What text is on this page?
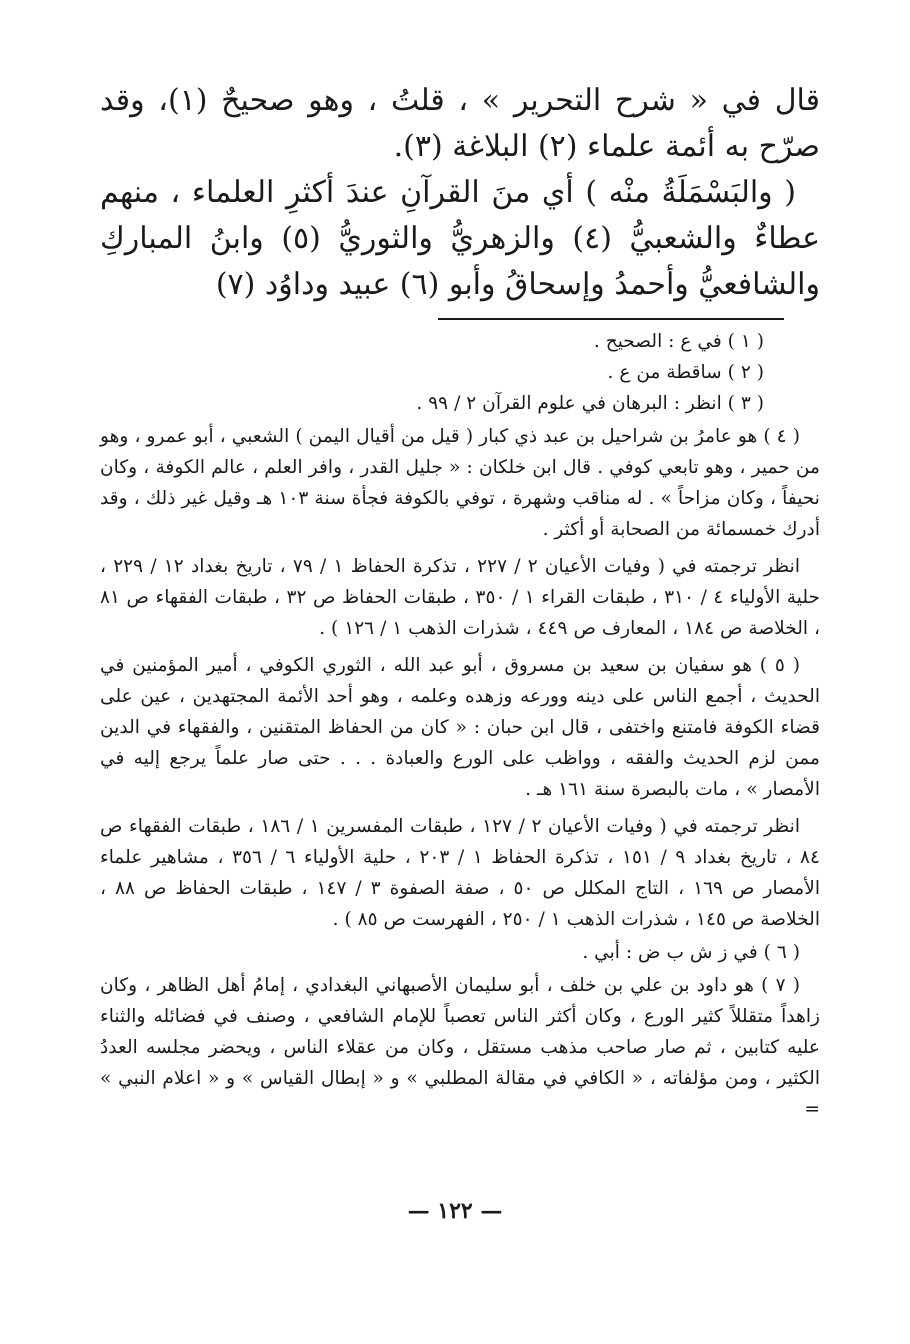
قال في « شرح التحرير » ، قلتُ ، وهو صحيحٌ (١)، وقد صرّح به أئمة علماء (٢) البلاغة (٣).

( والبَسْمَلَةُ منْه ) أي منَ القرآنِ عندَ أكثرِ العلماء ، منهم عطاءٌ والشعبيُّ (٤) والزهريُّ والثوريُّ (٥) وابنُ المباركِ والشافعيُّ وأحمدُ وإسحاقُ وأبو (٦) عبيد وداوُد (٧)

( ١ ) في ع : الصحيح .

( ٢ ) ساقطة من ع .

( ٣ ) انظر : البرهان في علوم القرآن ٢ / ٩٩ .

( ٤ ) هو عامرُ بن شراحيل بن عبد ذي كبار ( قيل من أقيال اليمن ) الشعبي ، أبو عمرو ، وهو من حمير ، وهو تابعي كوفي . قال ابن خلكان : « جليل القدر ، وافر العلم ، عالم الكوفة ، وكان نحيفاً ، وكان مزاحاً » . له مناقب وشهرة ، توفي بالكوفة فجأة سنة ١٠٣ هـ وقيل غير ذلك ، وقد أدرك خمسمائة من الصحابة أو أكثر .

انظر ترجمته في ( وفيات الأعيان ٢ / ٢٢٧ ، تذكرة الحفاظ ١ / ٧٩ ، تاريخ بغداد ١٢ / ٢٢٩ ، حلية الأولياء ٤ / ٣١٠ ، طبقات القراء ١ / ٣٥٠ ، طبقات الحفاظ ص ٣٢ ، طبقات الفقهاء ص ٨١ ، الخلاصة ص ١٨٤ ، المعارف ص ٤٤٩ ، شذرات الذهب ١ / ١٢٦ ) .

( ٥ ) هو سفيان بن سعيد بن مسروق ، أبو عبد الله ، الثوري الكوفي ، أمير المؤمنين في الحديث ، أجمع الناس على دينه وورعه وزهده وعلمه ، وهو أحد الأئمة المجتهدين ، عين على قضاء الكوفة فامتنع واختفى ، قال ابن حبان : « كان من الحفاظ المتقنين ، والفقهاء في الدين ممن لزم الحديث والفقه ، وواظب على الورع والعبادة . . . حتى صار علماً يرجع إليه في الأمصار » ، مات بالبصرة سنة ١٦١ هـ .

انظر ترجمته في ( وفيات الأعيان ٢ / ١٢٧ ، طبقات المفسرين ١ / ١٨٦ ، طبقات الفقهاء ص ٨٤ ، تاريخ بغداد ٩ / ١٥١ ، تذكرة الحفاظ ١ / ٢٠٣ ، حلية الأولياء ٦ / ٣٥٦ ، مشاهير علماء الأمصار ص ١٦٩ ، التاج المكلل ص ٥٠ ، صفة الصفوة ٣ / ١٤٧ ، طبقات الحفاظ ص ٨٨ ، الخلاصة ص ١٤٥ ، شذرات الذهب ١ / ٢٥٠ ، الفهرست ص ٨٥ ) .

( ٦ ) في ز ش ب ض : أبي .

( ٧ ) هو داود بن علي بن خلف ، أبو سليمان الأصبهاني البغدادي ، إمامُ أهل الظاهر ، وكان زاهداً متقللاً كثير الورع ، وكان أكثر الناس تعصباً للإمام الشافعي ، وصنف في فضائله والثناء عليه كتابين ، ثم صار صاحب مذهب مستقل ، وكان من عقلاء الناس ، ويحضر مجلسه العددُ الكثير ، ومن مؤلفاته ، « الكافي في مقالة المطلبي » و « إبطال القياس » و « اعلام النبي » =

— ١٢٢ —
